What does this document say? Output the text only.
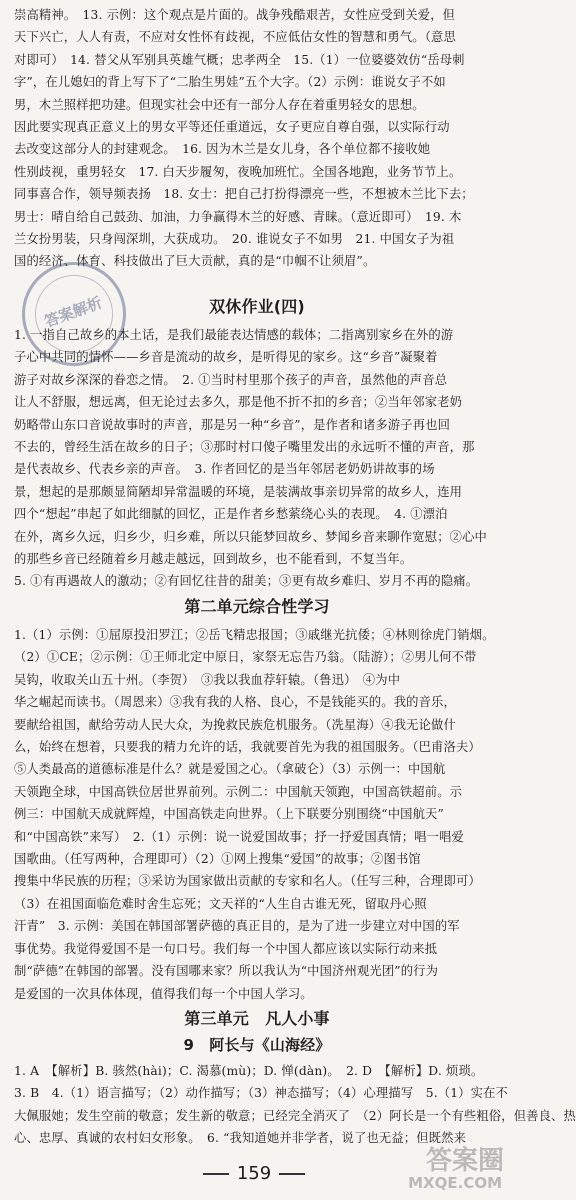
崇高精神。　13. 示例：这个观点是片面的。战争残酷艰苦，女性应受到关爱，但
天下兴亡，人人有责，不应对女性怀有歧视，不应低估女性的智慧和勇气。（意思
对即可）　14. 替父从军别具英雄气概；忠孝两全　15.（1）一位婆婆效仿“岳母刺
字”，在儿媳妇的背上写下了“二胎生男娃”五个大字。（2）示例：谁说女子不如
男，木兰照样把功建。但现实社会中还有一部分人存在着重男轻女的思想。
因此要实现真正意义上的男女平等还任重道远，女子更应自尊自强，以实际行动
去改变这部分人的封建观念。　16. 因为木兰是女儿身，各个单位都不接收她
性别歧视，重男轻女　17. 白天步履匆，夜晚加班忙。全国各地跑，业务节节上。
同事喜合作，领导频表扬　18. 女士：把自己打扮得漂亮一些，不想被木兰比下去；
男士：晴自给自己鼓劲、加油，力争赢得木兰的好感、青睐。（意近即可）　19. 木
兰女扮男装，只身闯深圳，大获成功。　20. 谁说女子不如男　21. 中国女子为祖
国的经济、体育、科技做出了巨大贡献，真的是“巾帼不让须眉”。
答案解析	双休作业(四)
1. 一指自己故乡的本土话，是我们最能表达情感的载体；二指离别家乡在外的游
子心中共同的情怀——乡音是流动的故乡，是听得见的家乡。这“乡音”凝聚着
游子对故乡深深的眷恋之情。　2. ①当时村里那个孩子的声音，虽然他的声音总
让人不舒服，想远离，但无论过去多久，那是他不折不扣的乡音；②当年邻家老奶
奶略带山东口音说故事时的声音，那是另一种“乡音”，是作者和诸多游子再也回
不去的，曾经生活在故乡的日子；③那时村口傻子嘴里发出的永远听不懂的声音，那
是代表故乡、代表乡亲的声音。　3. 作者回忆的是当年邻居老奶奶讲故事的场
景，想起的是那颇显简陋却异常温暖的环境，是装满故事亲切异常的故乡人，连用
四个“想起”串起了如此细腻的回忆，正是作者乡愁萦绕心头的表现。　4. ①漂泊
在外，离乡久远，归乡少，归乡难，所以只能梦回故乡、梦闻乡音来聊作宽慰；②心中
的那些乡音已经随着乡月越走越远，回到故乡，也不能看到，不复当年。
5. ①有再遇故人的激动；②有回忆往昔的甜美；③更有故乡难归、岁月不再的隐痛。
第二单元综合性学习
1.（1）示例：①屈原投汨罗江；②岳飞精忠报国；③戚继光抗倭；④林则徐虎门销烟。
（2）①CE；②示例：①王师北定中原日，家祭无忘告乃翁。（陆游）；②男儿何不带
吴钩，收取关山五十州。（李贺）　③我以我血荐轩辕。（鲁迅）　④为中
华之崛起而读书。（周恩来）③我有我的人格、良心，不是钱能买的。我的音乐，
要献给祖国，献给劳动人民大众，为挽救民族危机服务。（冼星海）④我无论做什
么，始终在想着，只要我的精力允许的话，我就要首先为我的祖国服务。（巴甫洛夫）
⑤人类最高的道德标准是什么？就是爱国之心。（拿破仑）（3）示例一：中国航
天领跑全球，中国高铁位居世界前列。示例二：中国航天领跑，中国高铁超前。示
例三：中国航天成就辉煌，中国高铁走向世界。（上下联要分别围绕“中国航天”
和“中国高铁”来写）　2.（1）示例：说一说爱国故事；抒一抒爱国真情；唱一唱爱
国歌曲。（任写两种，合理即可）（2）①网上搜集“爱国”的故事；②图书馆
搜集中华民族的历程；③采访为国家做出贡献的专家和名人。（任写三种，合理即可）
（3）在祖国面临危难时舍生忘死；文天祥的“人生自古谁无死，留取丹心照
汗青”　3. 示例：美国在韩国部署萨德的真正目的，是为了进一步建立对中国的军
事优势。我觉得爱国不是一句口号。我们每一个中国人都应该以实际行动来抵
制“萨德”在韩国的部署。没有国哪来家？所以我认为“中国济州观光团”的行为
是爱国的一次具体体现，值得我们每一个中国人学习。
第三单元　凡人小事
9　阿长与《山海经》
1. A　【解析】B. 骇然(hài)；C. 渴慕(mù)；D. 惮(dàn)。　2. D　【解析】D. 烦琐。
3. B　4.（1）语言描写；（2）动作描写；（3）神态描写；（4）心理描写　5.（1）实在不
大佩服她；发生空前的敬意；发生新的敬意；已经完全消灭了　（2）阿长是一个有些粗俗，但善良、热
心、忠厚、真诚的农村妇女形象。　6. “我知道她并非学者，说了也无益；但既然来
159	答案圈
MXQE.COM
